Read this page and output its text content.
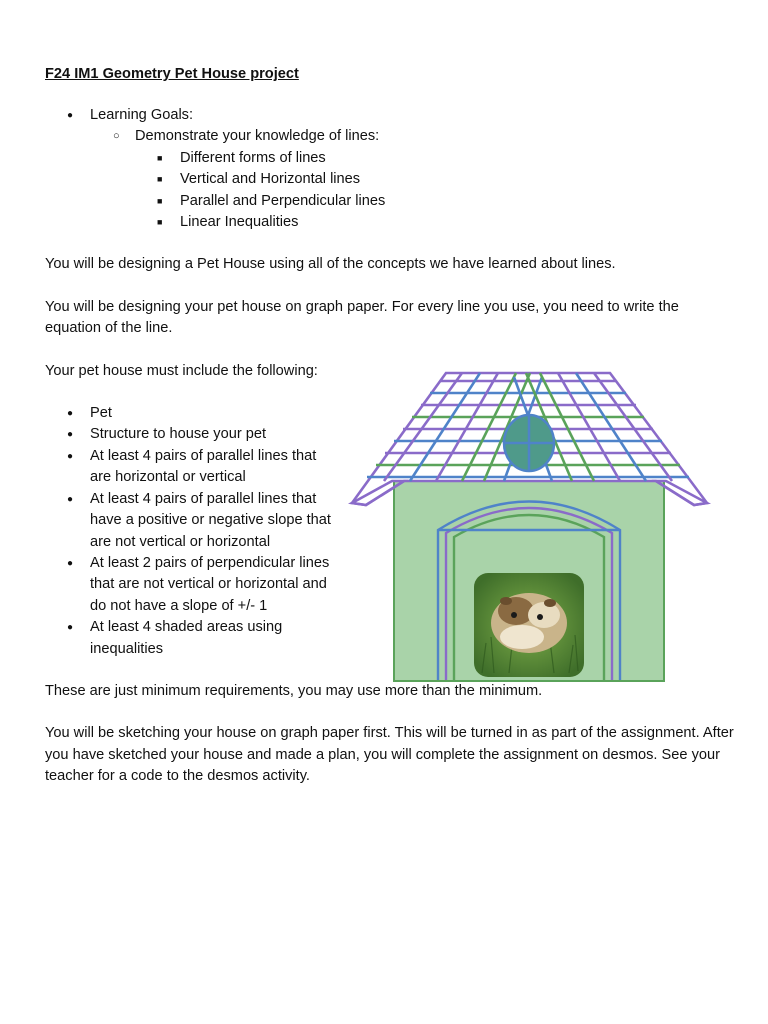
F24 IM1 Geometry Pet House project
● Learning Goals:
○ Demonstrate your knowledge of lines:
■ Different forms of lines
■ Vertical and Horizontal lines
■ Parallel and Perpendicular lines
■ Linear Inequalities

You will be designing a Pet House using all of the concepts we have learned about lines.

You will be designing your pet house on graph paper. For every line you use, you need to write the equation of the line.

Your pet house must include the following:

● Pet
● Structure to house your pet
● At least 4 pairs of parallel lines that are horizontal or vertical
● At least 4 pairs of parallel lines that have a positive or negative slope that are not vertical or horizontal
● At least 2 pairs of perpendicular lines that are not vertical or horizontal and do not have a slope of +/- 1
● At least 4 shaded areas using inequalities

These are just minimum requirements, you may use more than the minimum.

You will be sketching your house on graph paper first. This will be turned in as part of the assignment. After you have sketched your house and made a plan, you will complete the assignment on desmos. See your teacher for a code to the desmos activity.
